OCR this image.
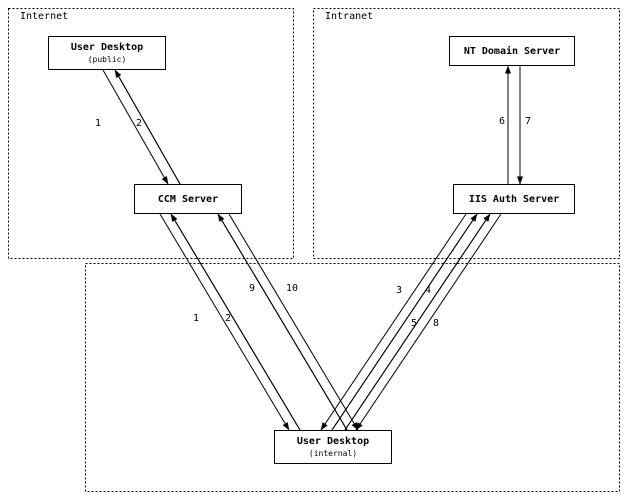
Internet	Intranet
User Desktop
(public)
CCM Server
NT Domain Server
IIS Auth Server
User Desktop
(internal)
1	2	6 7
9	10	3 4
1	2	5 8
